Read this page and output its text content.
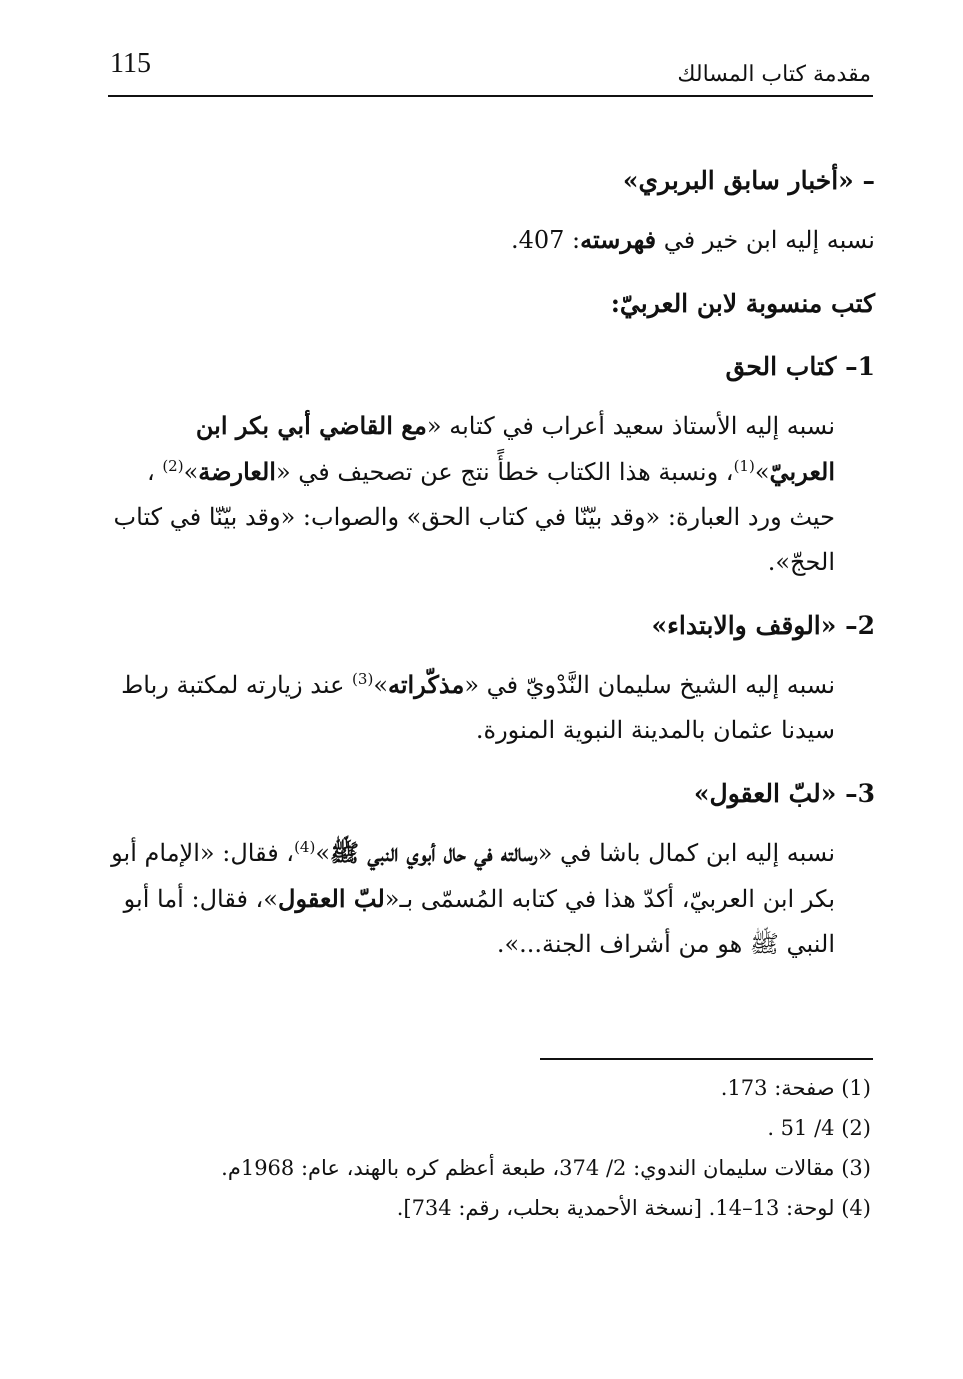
115	مقدمة كتاب المسالك

– «أخبار سابق البربري»

نسبه إليه ابن خير في فهرسته: 407.

كتب منسوبة لابن العربيّ:

1– كتاب الحق

نسبه إليه الأستاذ سعيد أعراب في كتابه «مع القاضي أبي بكر ابن العربيّ»$^{(1)}$، ونسبة هذا الكتاب خطأً نتج عن تصحيف في «العارضة»$^{(2)}$ ، حيث ورد العبارة: «وقد بيّنّا في كتاب الحق» والصواب: «وقد بيّنّا في كتاب الحجّ».

2– «الوقف والابتداء»

نسبه إليه الشيخ سليمان النَّدْويّ في «مذكّراته»$^{(3)}$ عند زيارته لمكتبة رباط سيدنا عثمان بالمدينة النبوية المنورة.

3– «لبّ العقول»

نسبه إليه ابن كمال باشا في «رسالته في حال أبوي النبي ﷺ»$^{(4)}$، فقال: «الإمام أبو بكر ابن العربيّ، أكدّ هذا في كتابه المُسمّى بـ«لبّ العقول»، فقال: أما أبو النبي ﷺ هو من أشراف الجنة...».

(1) صفحة: 173.

(2) 4/ 51 .

(3) مقالات سليمان الندوي: 2/ 374، طبعة أعظم كره بالهند، عام: 1968م.

(4) لوحة: 13–14. [نسخة الأحمدية بحلب، رقم: 734].
